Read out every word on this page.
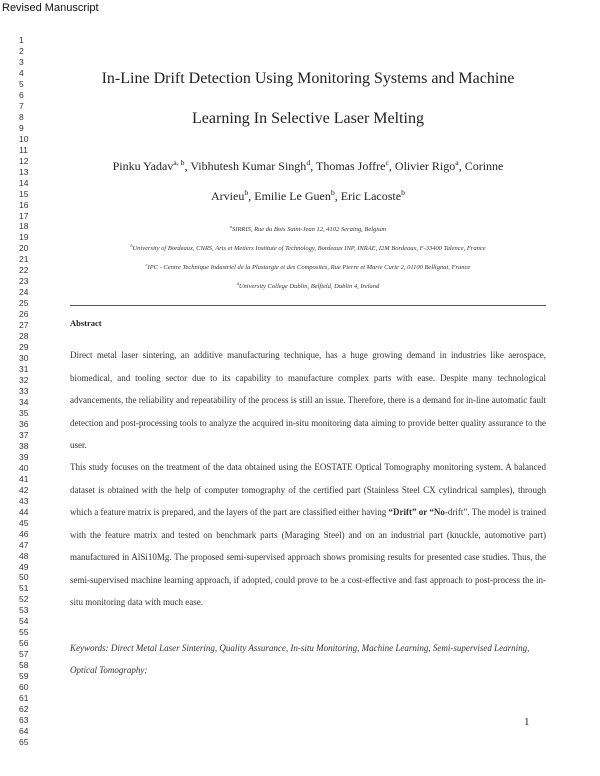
Revised Manuscript
1
2
3
4
5
6
7
8
9
10
11
12
13
14
15
16
17
18
19
20
21
22
23
24
25
26
27
28
29
30
31
32
33
34
35
36
37
38
39
40
41
42
43
44
45
46
47
48
49
50
51
52
53
54
55
56
57
58
59
60
61
62
63
64
65
In-Line Drift Detection Using Monitoring Systems and Machine
Learning In Selective Laser Melting
Pinku Yadav$^{a, b}$, Vibhutesh Kumar Singh$^d$, Thomas Joffre$^c$, Olivier Rigo$^a$, Corinne
Arvieu$^b$, Emilie Le Guen$^b$, Eric Lacoste$^b$
$^a$SIRRIS, Rue du Bois Saint-Jean 12, 4102 Seraing, Belgium
$^b$University of Bordeaux, CNRS, Arts et Metiers Institute of Technology, Bordeaux INP, INRAE, I2M Bordeaux, F-33400 Talence, France
$^c$IPC - Centre Technique Industriel de la Plasturgie et des Composites, Rue Pierre et Marie Curie 2, 01100 Bellignat, France
$^d$University College Dublin, Belfield, Dublin 4, Ireland
Abstract
Direct metal laser sintering, an additive manufacturing technique, has a huge growing demand in industries like aerospace, biomedical, and tooling sector due to its capability to manufacture complex parts with ease. Despite many technological advancements, the reliability and repeatability of the process is still an issue. Therefore, there is a demand for in-line automatic fault detection and post-processing tools to analyze the acquired in-situ monitoring data aiming to provide better quality assurance to the user.
This study focuses on the treatment of the data obtained using the EOSTATE Optical Tomography monitoring system. A balanced dataset is obtained with the help of computer tomography of the certified part (Stainless Steel CX cylindrical samples), through which a feature matrix is prepared, and the layers of the part are classified either having “Drift” or “No-drift”. The model is trained with the feature matrix and tested on benchmark parts (Maraging Steel) and on an industrial part (knuckle, automotive part) manufactured in AlSi10Mg. The proposed semi-supervised approach shows promising results for presented case studies. Thus, the semi-supervised machine learning approach, if adopted, could prove to be a cost-effective and fast approach to post-process the in-situ monitoring data with much ease.
Keywords: Direct Metal Laser Sintering, Quality Assurance, In-situ Monitoring, Machine Learning, Semi-supervised Learning, Optical Tomography;
1
